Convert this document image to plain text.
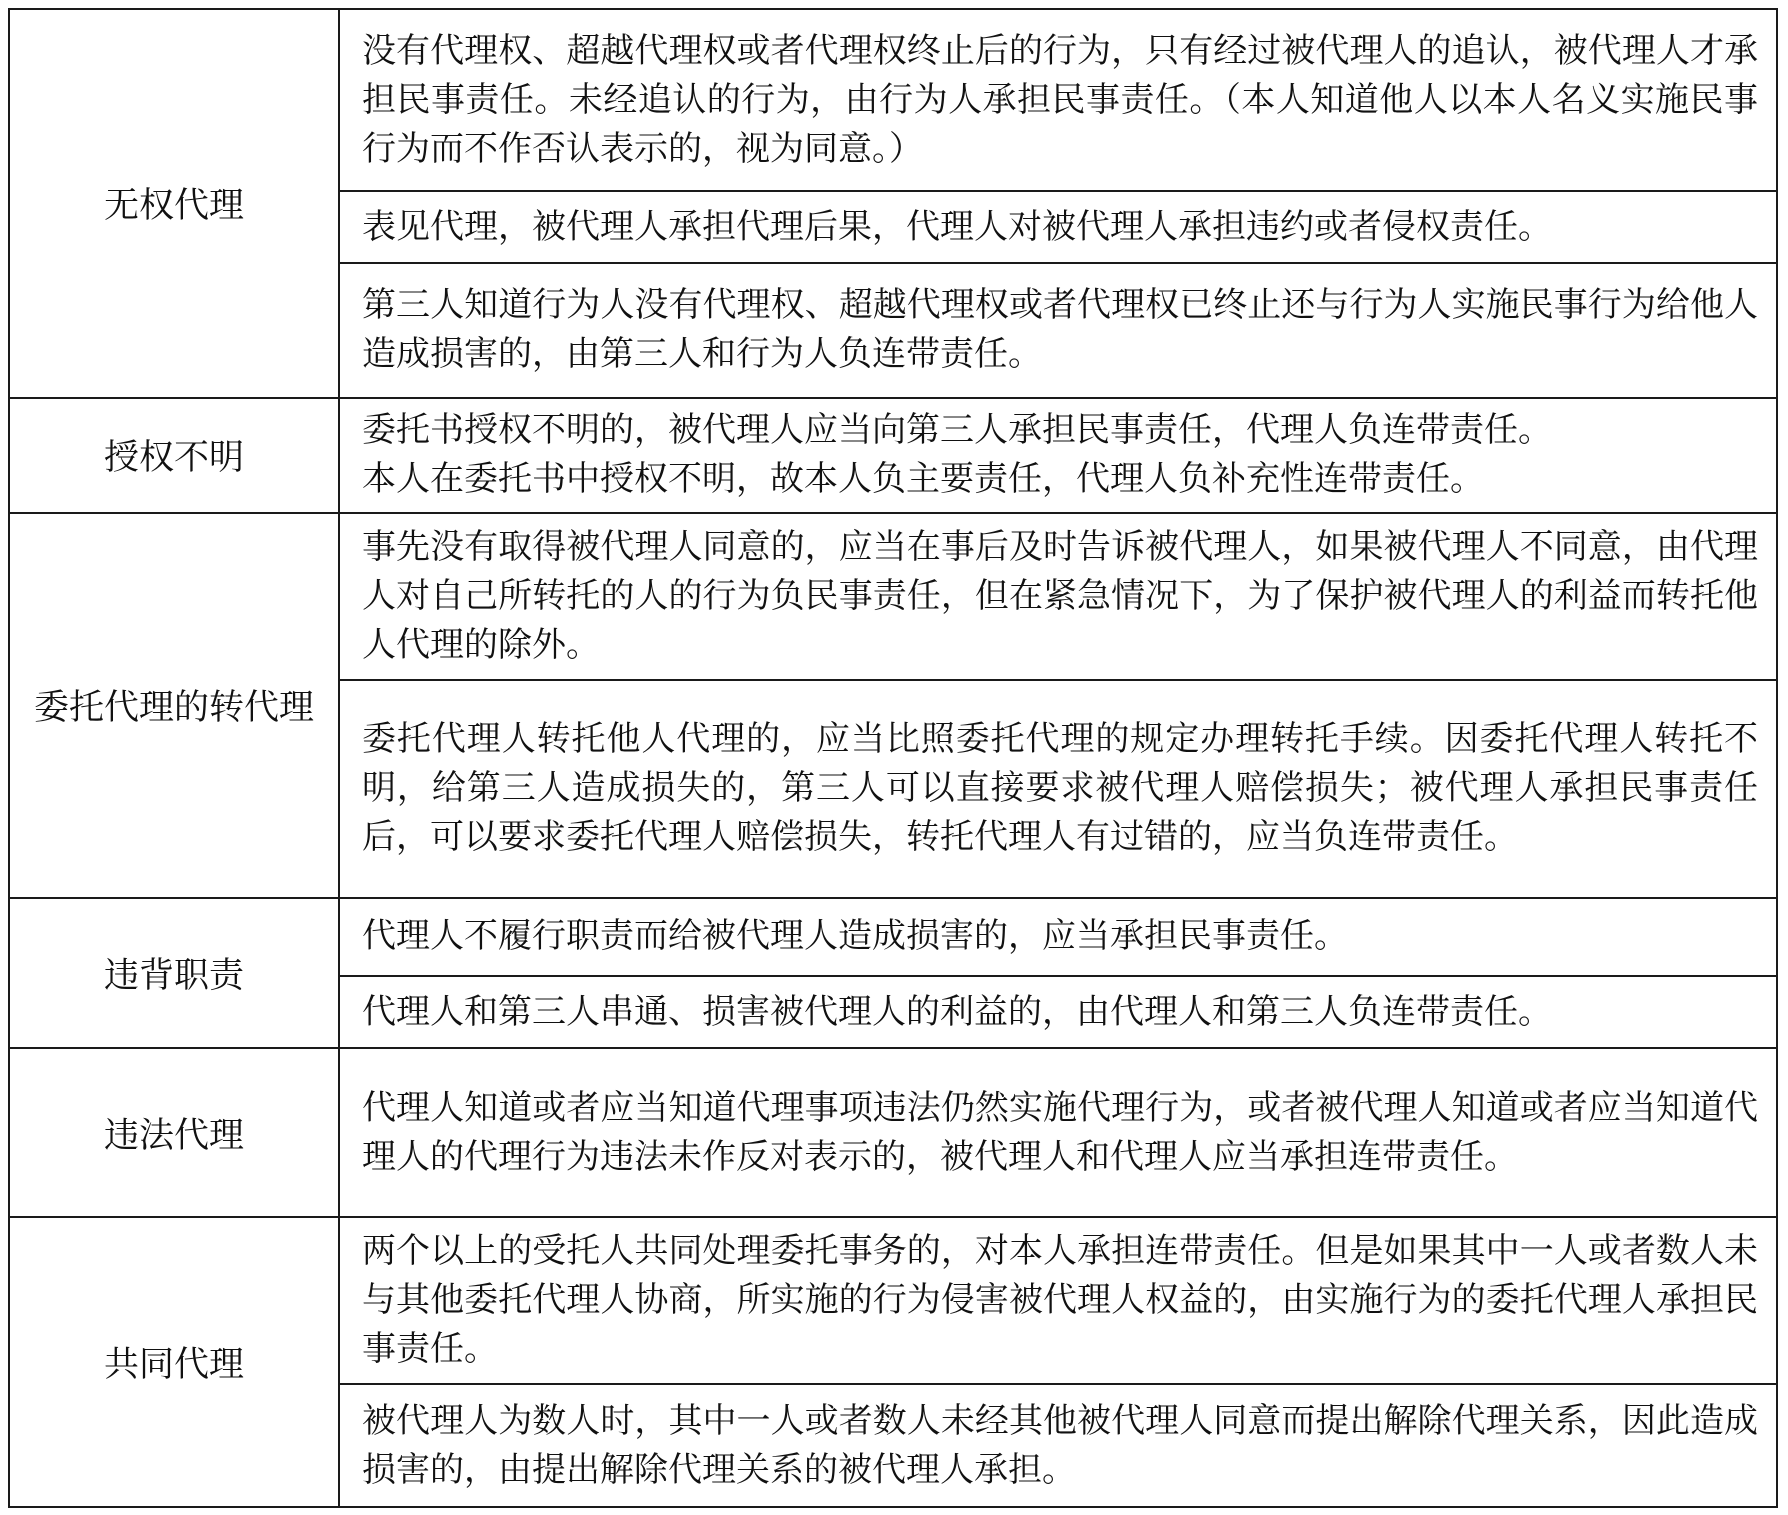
无权代理	没有代理权、超越代理权或者代理权终止后的行为，只有经过被代理人的追认，被代理人才承担民事责任。未经追认的行为，由行为人承担民事责任。（本人知道他人以本人名义实施民事行为而不作否认表示的，视为同意。）

	表见代理，被代理人承担代理后果，代理人对被代理人承担违约或者侵权责任。

	第三人知道行为人没有代理权、超越代理权或者代理权已终止还与行为人实施民事行为给他人造成损害的，由第三人和行为人负连带责任。

授权不明	委托书授权不明的，被代理人应当向第三人承担民事责任，代理人负连带责任。
本人在委托书中授权不明，故本人负主要责任，代理人负补充性连带责任。

委托代理的转代理	事先没有取得被代理人同意的，应当在事后及时告诉被代理人，如果被代理人不同意，由代理人对自己所转托的人的行为负民事责任，但在紧急情况下，为了保护被代理人的利益而转托他人代理的除外。

	委托代理人转托他人代理的，应当比照委托代理的规定办理转托手续。因委托代理人转托不明，给第三人造成损失的，第三人可以直接要求被代理人赔偿损失；被代理人承担民事责任后，可以要求委托代理人赔偿损失，转托代理人有过错的，应当负连带责任。

违背职责	代理人不履行职责而给被代理人造成损害的，应当承担民事责任。

	代理人和第三人串通、损害被代理人的利益的，由代理人和第三人负连带责任。

违法代理	代理人知道或者应当知道代理事项违法仍然实施代理行为，或者被代理人知道或者应当知道代理人的代理行为违法未作反对表示的，被代理人和代理人应当承担连带责任。

共同代理	两个以上的受托人共同处理委托事务的，对本人承担连带责任。但是如果其中一人或者数人未与其他委托代理人协商，所实施的行为侵害被代理人权益的，由实施行为的委托代理人承担民事责任。

	被代理人为数人时，其中一人或者数人未经其他被代理人同意而提出解除代理关系，因此造成损害的，由提出解除代理关系的被代理人承担。
